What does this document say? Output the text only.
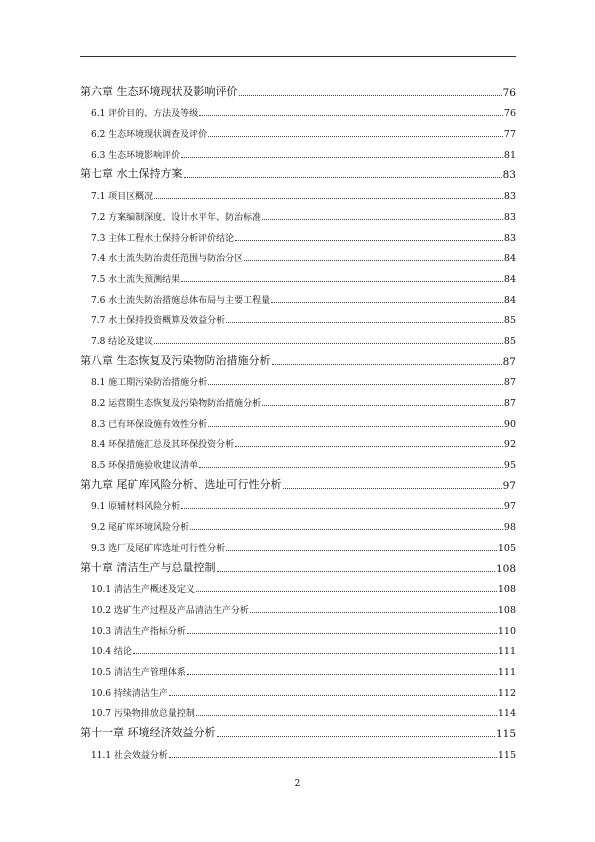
第六章 生态环境现状及影响评价	76
6.1 评价目的、方法及等级	76
6.2 生态环境现状调查及评价	77
6.3 生态环境影响评价	81
第七章 水土保持方案	83
7.1 项目区概况	83
7.2 方案编制深度、设计水平年、防治标准	83
7.3 主体工程水土保持分析评价结论	83
7.4 水土流失防治责任范围与防治分区	84
7.5 水土流失预测结果	84
7.6 水土流失防治措施总体布局与主要工程量	84
7.7 水土保持投资概算及效益分析	85
7.8 结论及建议	85
第八章 生态恢复及污染物防治措施分析	87
8.1 施工期污染防治措施分析	87
8.2 运营期生态恢复及污染物防治措施分析	87
8.3 已有环保设施有效性分析	90
8.4 环保措施汇总及其环保投资分析	92
8.5 环保措施验收建议清单	95
第九章 尾矿库风险分析、选址可行性分析	97
9.1 原辅材料风险分析	97
9.2 尾矿库环境风险分析	98
9.3 选厂及尾矿库选址可行性分析	105
第十章 清洁生产与总量控制	108
10.1 清洁生产概述及定义	108
10.2 选矿生产过程及产品清洁生产分析	108
10.3 清洁生产指标分析	110
10.4 结论	111
10.5 清洁生产管理体系	111
10.6 持续清洁生产	112
10.7 污染物排放总量控制	114
第十一章 环境经济效益分析	115
11.1 社会效益分析	115
2
